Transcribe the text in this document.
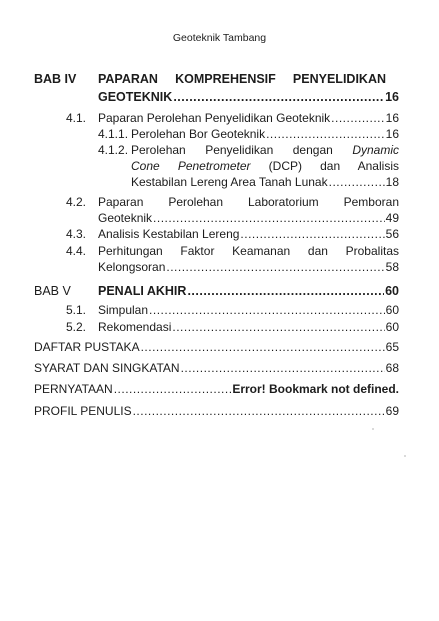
Geoteknik Tambang
BAB IV PAPARAN KOMPREHENSIF PENYELIDIKAN
GEOTEKNIK .....	16
4.1. Paparan Perolehan Penyelidikan Geoteknik .....	16
4.1.1. Perolehan Bor Geoteknik .....	16
4.1.2. Perolehan Penyelidikan dengan Dynamic
Cone Penetrometer (DCP) dan Analisis
Kestabilan Lereng Area Tanah Lunak .....	18
4.2. Paparan Perolehan Laboratorium Pemboran
Geoteknik .....	49
4.3. Analisis Kestabilan Lereng .....	56
4.4. Perhitungan Faktor Keamanan dan Probalitas
Kelongsoran .....	58
BAB V PENALI AKHIR .....	60
5.1. Simpulan .....	60
5.2. Rekomendasi .....	60
DAFTAR PUSTAKA .....	65
SYARAT DAN SINGKATAN .....	68
PERNYATAAN .....	Error! Bookmark not defined.
PROFIL PENULIS .....	69
